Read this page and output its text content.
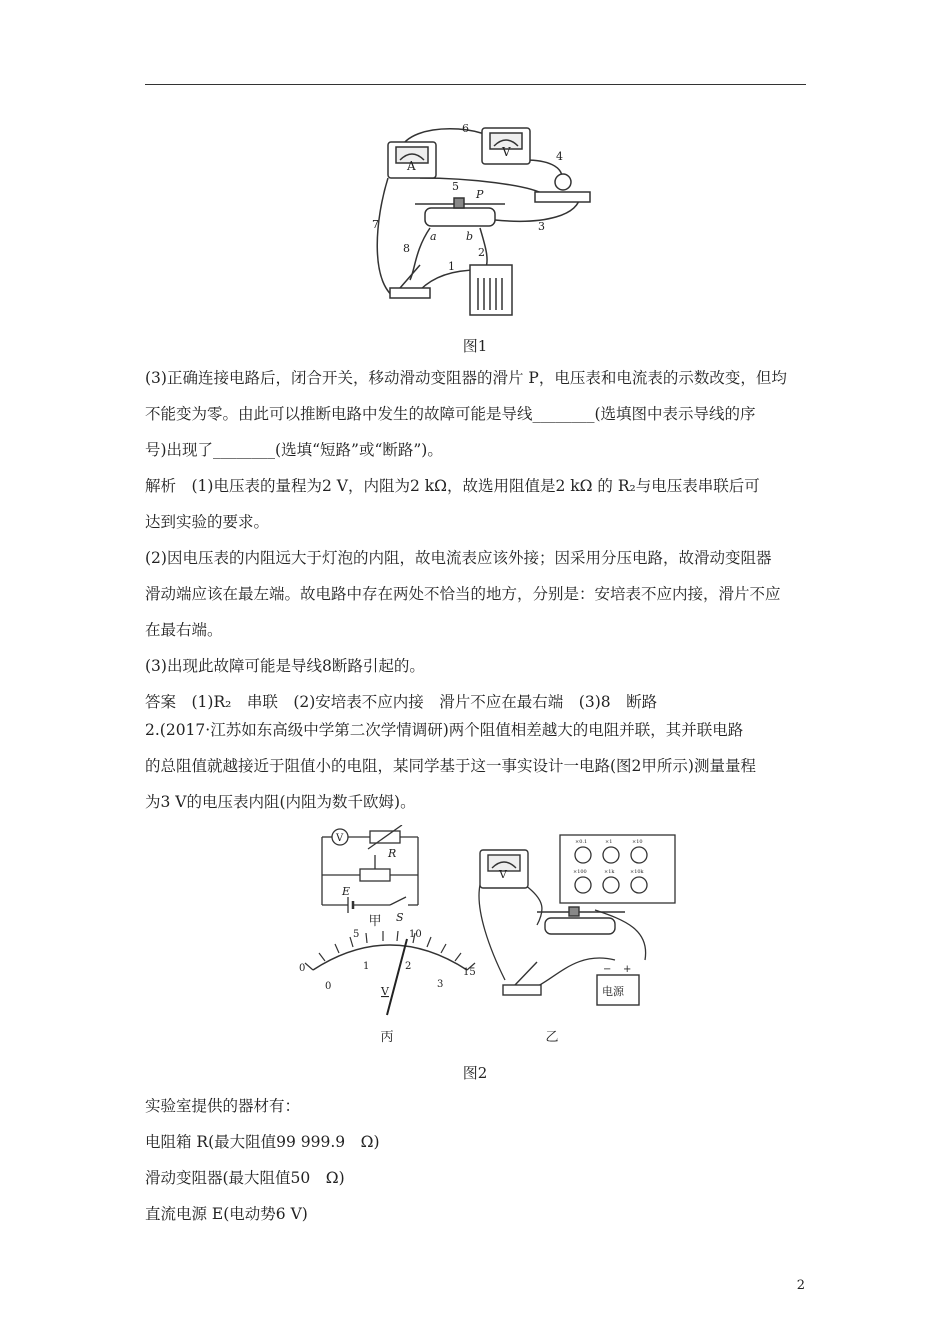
A
V
P
a	b
6
4
5
7	3
8	2
1
图1
(3)正确连接电路后，闭合开关，移动滑动变阻器的滑片 P，电压表和电流表的示数改变，但均
不能变为零。由此可以推断电路中发生的故障可能是导线________(选填图中表示导线的序
号)出现了________(选填“短路”或“断路”)。
解析　(1)电压表的量程为2 V，内阻为2 kΩ，故选用阻值是2 kΩ 的 R₂与电压表串联后可
达到实验的要求。
(2)因电压表的内阻远大于灯泡的内阻，故电流表应该外接；因采用分压电路，故滑动变阻器
滑动端应该在最左端。故电路中存在两处不恰当的地方，分别是：安培表不应内接，滑片不应
在最右端。
(3)出现此故障可能是导线8断路引起的。
答案　(1)R₂　串联　(2)安培表不应内接　滑片不应在最右端　(3)8　断路
2.(2017·江苏如东高级中学第二次学情调研)两个阻值相差越大的电阻并联，其并联电路
的总阻值就越接近于阻值小的电阻，某同学基于这一事实设计一电路(图2甲所示)测量量程
为3 V的电压表内阻(内阻为数千欧姆)。
V
R
E
S
甲
0
5	10
15
0
1	2
3
V
丙
V
×0.1	×1	×10
×100	×1k	×10k
电源
− +
乙
图2
实验室提供的器材有：
电阻箱 R(最大阻值99 999.9　Ω)
滑动变阻器(最大阻值50　Ω)
直流电源 E(电动势6 V)
2
